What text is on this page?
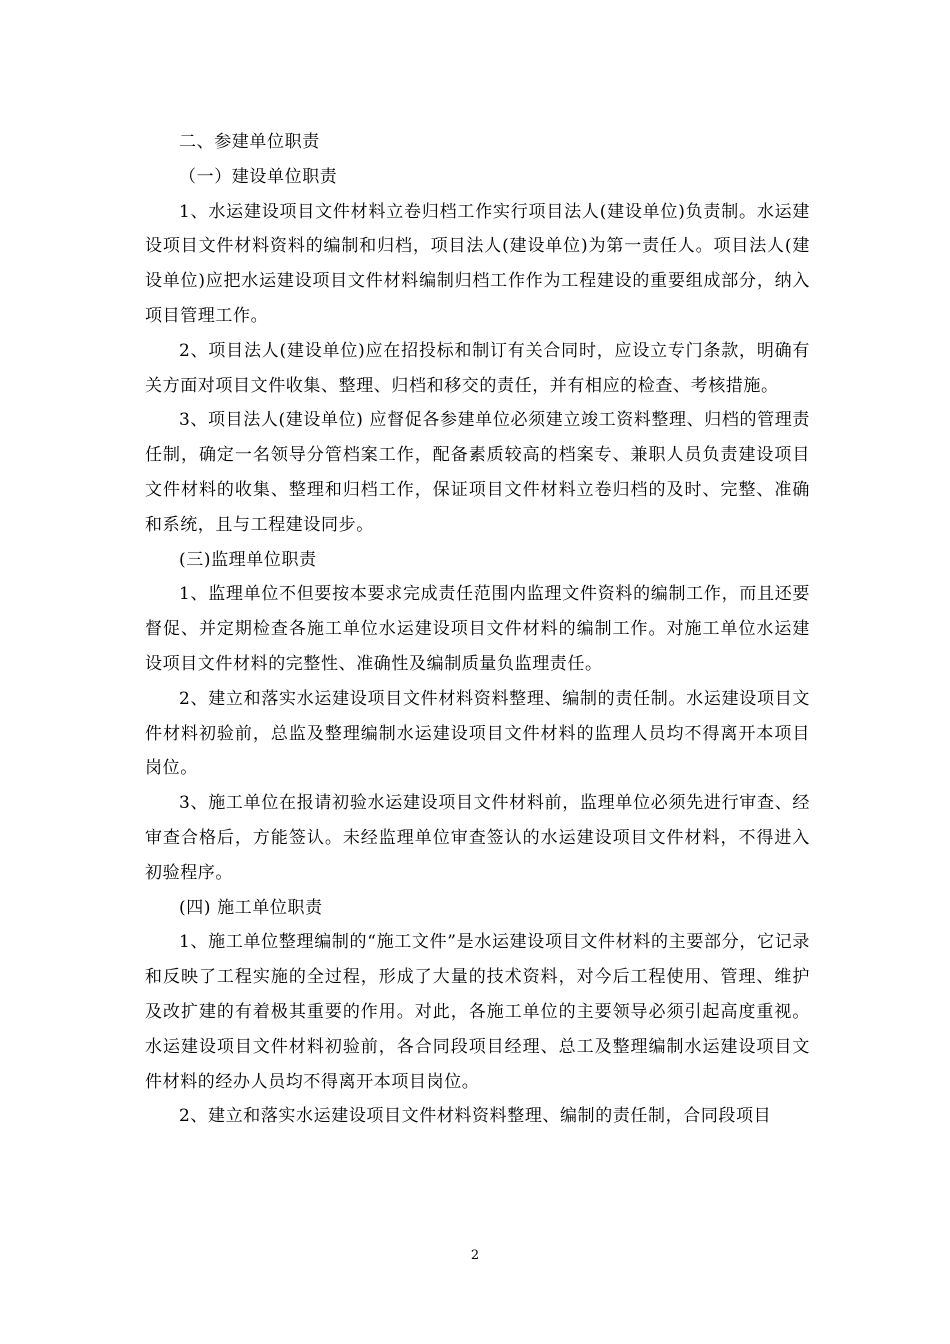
二、参建单位职责

（一）建设单位职责

1、水运建设项目文件材料立卷归档工作实行项目法人(建设单位)负责制。水运建设项目文件材料资料的编制和归档，项目法人(建设单位)为第一责任人。项目法人(建设单位)应把水运建设项目文件材料编制归档工作作为工程建设的重要组成部分，纳入项目管理工作。

2、项目法人(建设单位)应在招投标和制订有关合同时，应设立专门条款，明确有关方面对项目文件收集、整理、归档和移交的责任，并有相应的检查、考核措施。

3、项目法人(建设单位) 应督促各参建单位必须建立竣工资料整理、归档的管理责任制，确定一名领导分管档案工作，配备素质较高的档案专、兼职人员负责建设项目文件材料的收集、整理和归档工作，保证项目文件材料立卷归档的及时、完整、准确和系统，且与工程建设同步。

(三)监理单位职责

1、监理单位不但要按本要求完成责任范围内监理文件资料的编制工作，而且还要督促、并定期检查各施工单位水运建设项目文件材料的编制工作。对施工单位水运建设项目文件材料的完整性、准确性及编制质量负监理责任。

2、建立和落实水运建设项目文件材料资料整理、编制的责任制。水运建设项目文件材料初验前，总监及整理编制水运建设项目文件材料的监理人员均不得离开本项目岗位。

3、施工单位在报请初验水运建设项目文件材料前，监理单位必须先进行审查、经审查合格后，方能签认。未经监理单位审查签认的水运建设项目文件材料，不得进入初验程序。

(四) 施工单位职责

1、施工单位整理编制的“施工文件”是水运建设项目文件材料的主要部分，它记录和反映了工程实施的全过程，形成了大量的技术资料，对今后工程使用、管理、维护及改扩建的有着极其重要的作用。对此，各施工单位的主要领导必须引起高度重视。水运建设项目文件材料初验前，各合同段项目经理、总工及整理编制水运建设项目文件材料的经办人员均不得离开本项目岗位。

2、建立和落实水运建设项目文件材料资料整理、编制的责任制，合同段项目

2
